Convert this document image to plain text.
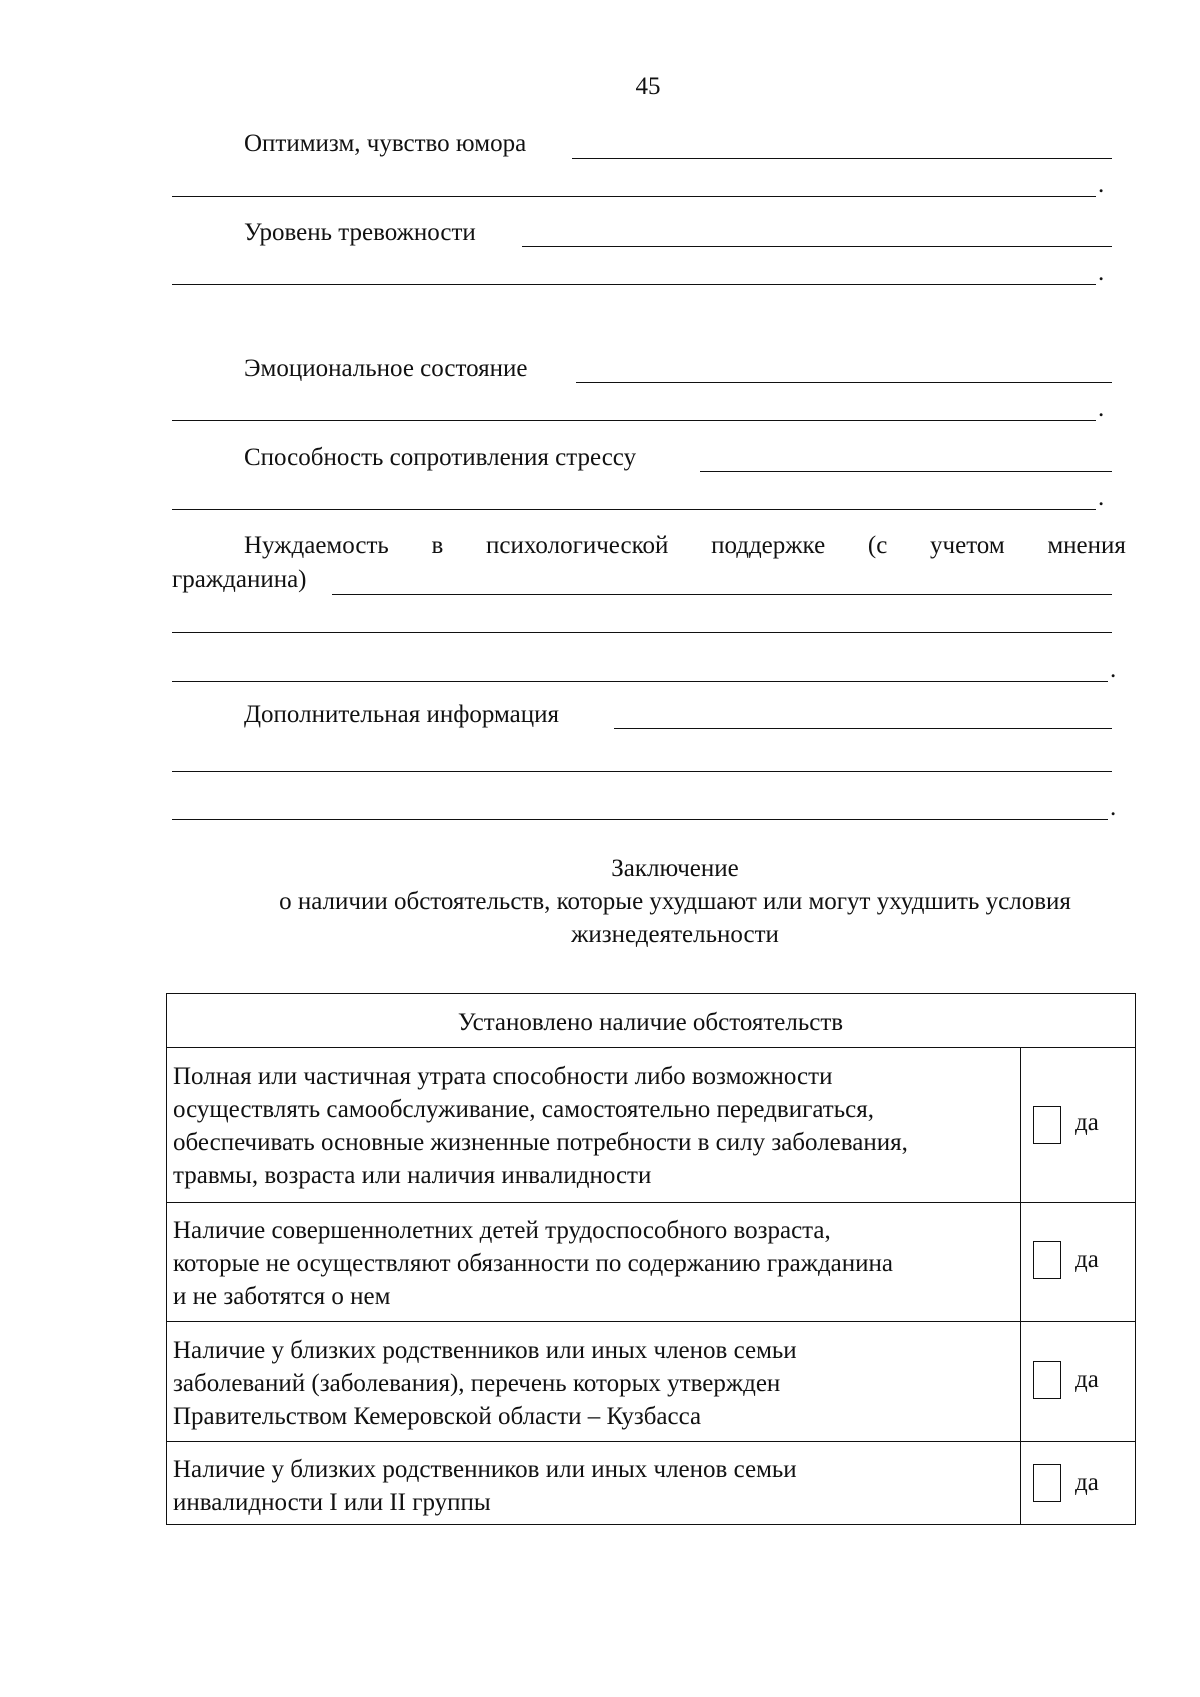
45
Оптимизм, чувство юмора
.
Уровень тревожности
.
Эмоциональное состояние
.
Способность сопротивления стрессу
.
Нуждаемость в психологической поддержке (с учетом мнения
гражданина)
.
Дополнительная информация
.
Заключение
о наличии обстоятельств, которые ухудшают или могут ухудшить условия
жизнедеятельности
Установлено наличие обстоятельств
Полная или частичная утрата способности либо возможности
осуществлять самообслуживание, самостоятельно передвигаться,
обеспечивать основные жизненные потребности в силу заболевания,
травмы, возраста или наличия инвалидности
да
Наличие совершеннолетних детей трудоспособного возраста,
которые не осуществляют обязанности по содержанию гражданина
и не заботятся о нем
да
Наличие у близких родственников или иных членов семьи
заболеваний (заболевания), перечень которых утвержден
Правительством Кемеровской области – Кузбасса
да
Наличие у близких родственников или иных членов семьи
инвалидности I или II группы
да
